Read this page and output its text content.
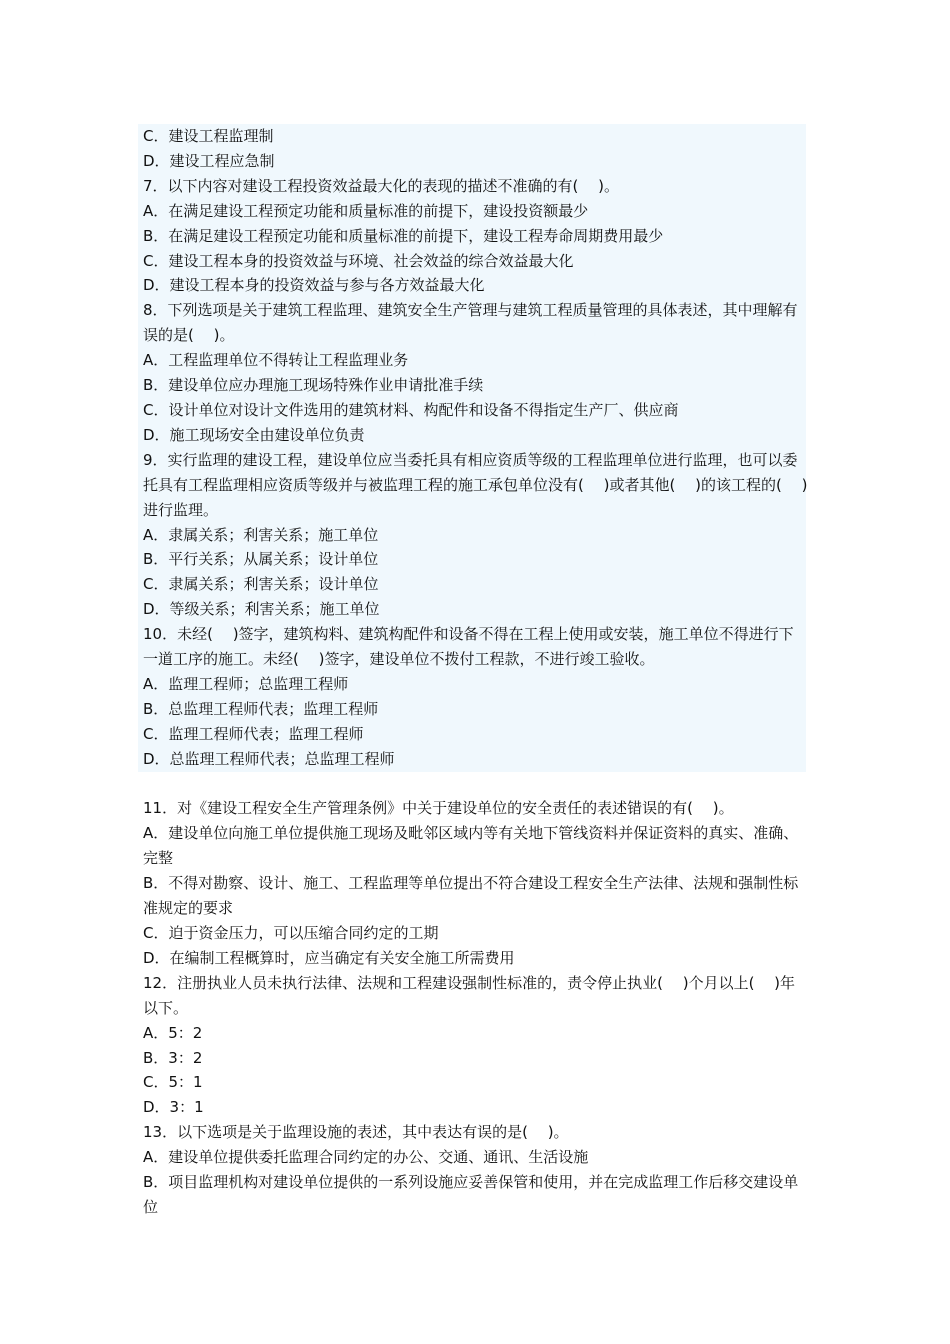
C．建设工程监理制

D．建设工程应急制

7．以下内容对建设工程投资效益最大化的表现的描述不准确的有(　 )。

A．在满足建设工程预定功能和质量标准的前提下，建设投资额最少

B．在满足建设工程预定功能和质量标准的前提下，建设工程寿命周期费用最少

C．建设工程本身的投资效益与环境、社会效益的综合效益最大化

D．建设工程本身的投资效益与参与各方效益最大化

8．下列选项是关于建筑工程监理、建筑安全生产管理与建筑工程质量管理的具体表述，其中理解有误的是(　 )。

A．工程监理单位不得转让工程监理业务

B．建设单位应办理施工现场特殊作业申请批准手续

C．设计单位对设计文件选用的建筑材料、构配件和设备不得指定生产厂、供应商

D．施工现场安全由建设单位负责

9．实行监理的建设工程，建设单位应当委托具有相应资质等级的工程监理单位进行监理，也可以委托具有工程监理相应资质等级并与被监理工程的施工承包单位没有(　 )或者其他(　 )的该工程的(　 )进行监理。

A．隶属关系；利害关系；施工单位

B．平行关系；从属关系；设计单位

C．隶属关系；利害关系；设计单位

D．等级关系；利害关系；施工单位

10．未经(　 )签字，建筑构料、建筑构配件和设备不得在工程上使用或安装，施工单位不得进行下一道工序的施工。未经(　 )签字，建设单位不拨付工程款，不进行竣工验收。

A．监理工程师；总监理工程师

B．总监理工程师代表；监理工程师

C．监理工程师代表；监理工程师

D．总监理工程师代表；总监理工程师

11．对《建设工程安全生产管理条例》中关于建设单位的安全责任的表述错误的有(　 )。

A．建设单位向施工单位提供施工现场及毗邻区域内等有关地下管线资料并保证资料的真实、准确、完整

B．不得对勘察、设计、施工、工程监理等单位提出不符合建设工程安全生产法律、法规和强制性标准规定的要求

C．迫于资金压力，可以压缩合同约定的工期

D．在编制工程概算时，应当确定有关安全施工所需费用

12．注册执业人员未执行法律、法规和工程建设强制性标准的，责令停止执业(　 )个月以上(　 )年以下。

A．5：2

B．3：2

C．5：1

D．3：1

13．以下选项是关于监理设施的表述，其中表达有误的是(　 )。

A．建设单位提供委托监理合同约定的办公、交通、通讯、生活设施

B．项目监理机构对建设单位提供的一系列设施应妥善保管和使用，并在完成监理工作后移交建设单位
